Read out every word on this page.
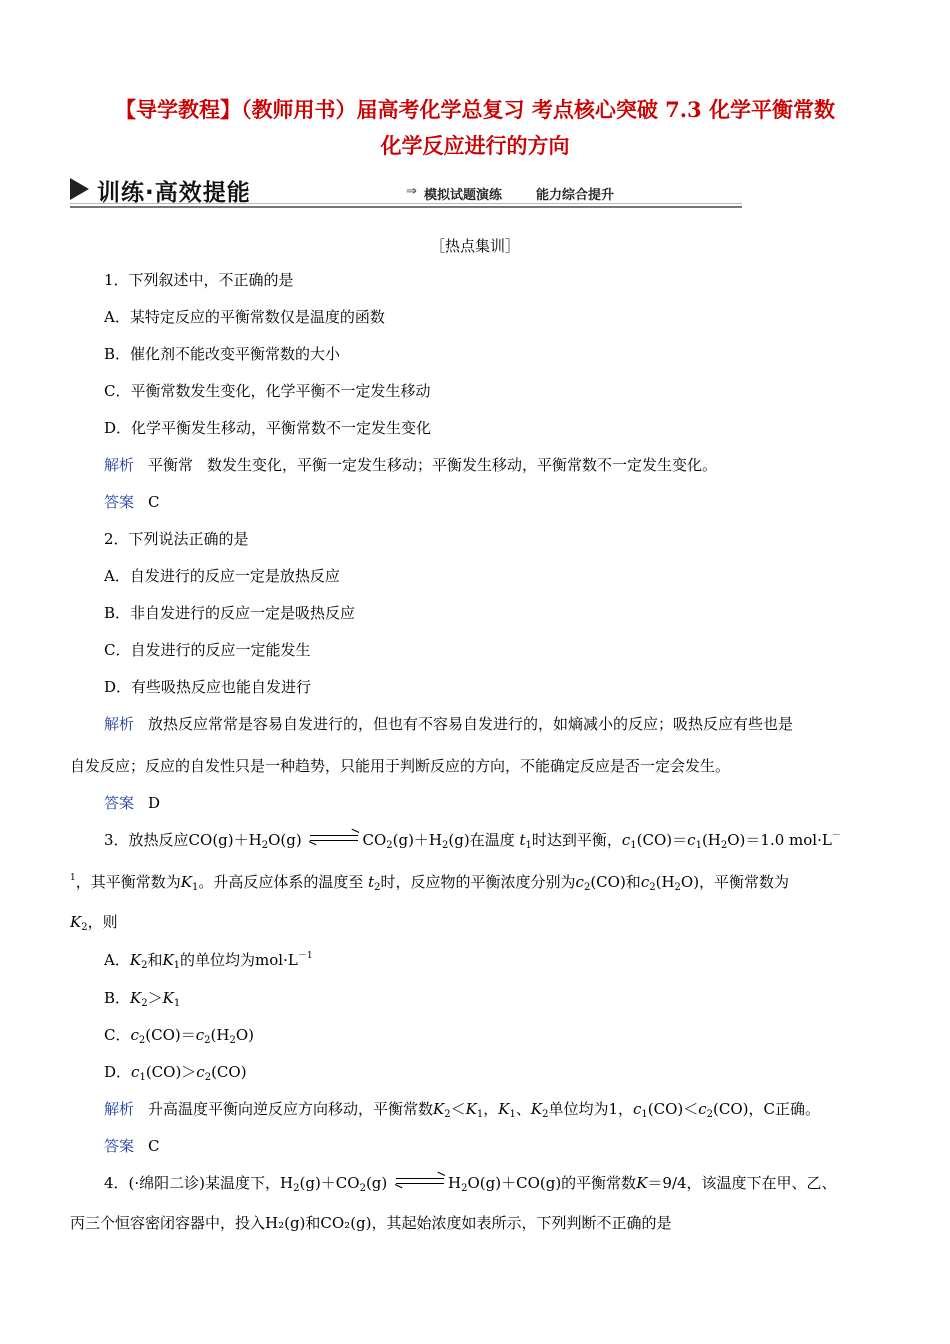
【导学教程】（教师用书）届高考化学总复习 考点核心突破 7.3 化学平衡常数
化学反应进行的方向
训练·高效提能	⇒ 模拟试题演练	能力综合提升
［热点集训］
1．下列叙述中，不正确的是
A．某特定反应的平衡常数仅是温度的函数
B．催化剂不能改变平衡常数的大小
C．平衡常数发生变化，化学平衡不一定发生移动
D．化学平衡发生移动，平衡常数不一定发生变化
解析 平衡常 数发生变化，平衡一定发生移动；平衡发生移动，平衡常数不一定发生变化。
答案 C
2．下列说法正确的是
A．自发进行的反应一定是放热反应
B．非自发进行的反应一定是吸热反应
C．自发进行的反应一定能发生
D．有些吸热反应也能自发进行
解析 放热反应常常是容易自发进行的，但也有不容易自发进行的，如熵减小的反应；吸热反应有些也是
自发反应；反应的自发性只是一种趋势，只能用于判断反应的方向，不能确定反应是否一定会发生。
答案 D
3．放热反应$CO(g)+H_2O(g)$	$CO_2(g)+H_2(g)$在温度 $t_1$时达到平衡，$c_1(CO)=c_1(H_2O)=1.0$ mol·L－
$^1$，其平衡常数为$K_1$。升高反应体系的温度至 $t_2$时，反应物的平衡浓度分别为$c_2(CO)$和$c_2(H_2O)$，平衡常数为
$K_2$，则
A．$K_2$和$K_1$的单位均为$mol\cdot L^{-1}$
B．$K_2>K_1$
C．$c_2(CO)=c_2(H_2O)$
D．$c_1(CO)>c_2(CO)$
解析 升高温度平衡向逆反应方向移动，平衡常数$K_2<K_1$，$K_1$、$K_2$单位均为1，$c_1(CO)<c_2(CO)$，C正确。
答案 C
4．(·绵阳二诊)某温度下，$H_2(g)+CO_2(g)$	$H_2O(g)+CO(g)$的平衡常数K＝9/4，该温度下在甲、乙、
丙三个恒容密闭容器中，投入H₂(g)和CO₂(g)，其起始浓度如表所示，下列判断不正确的是
